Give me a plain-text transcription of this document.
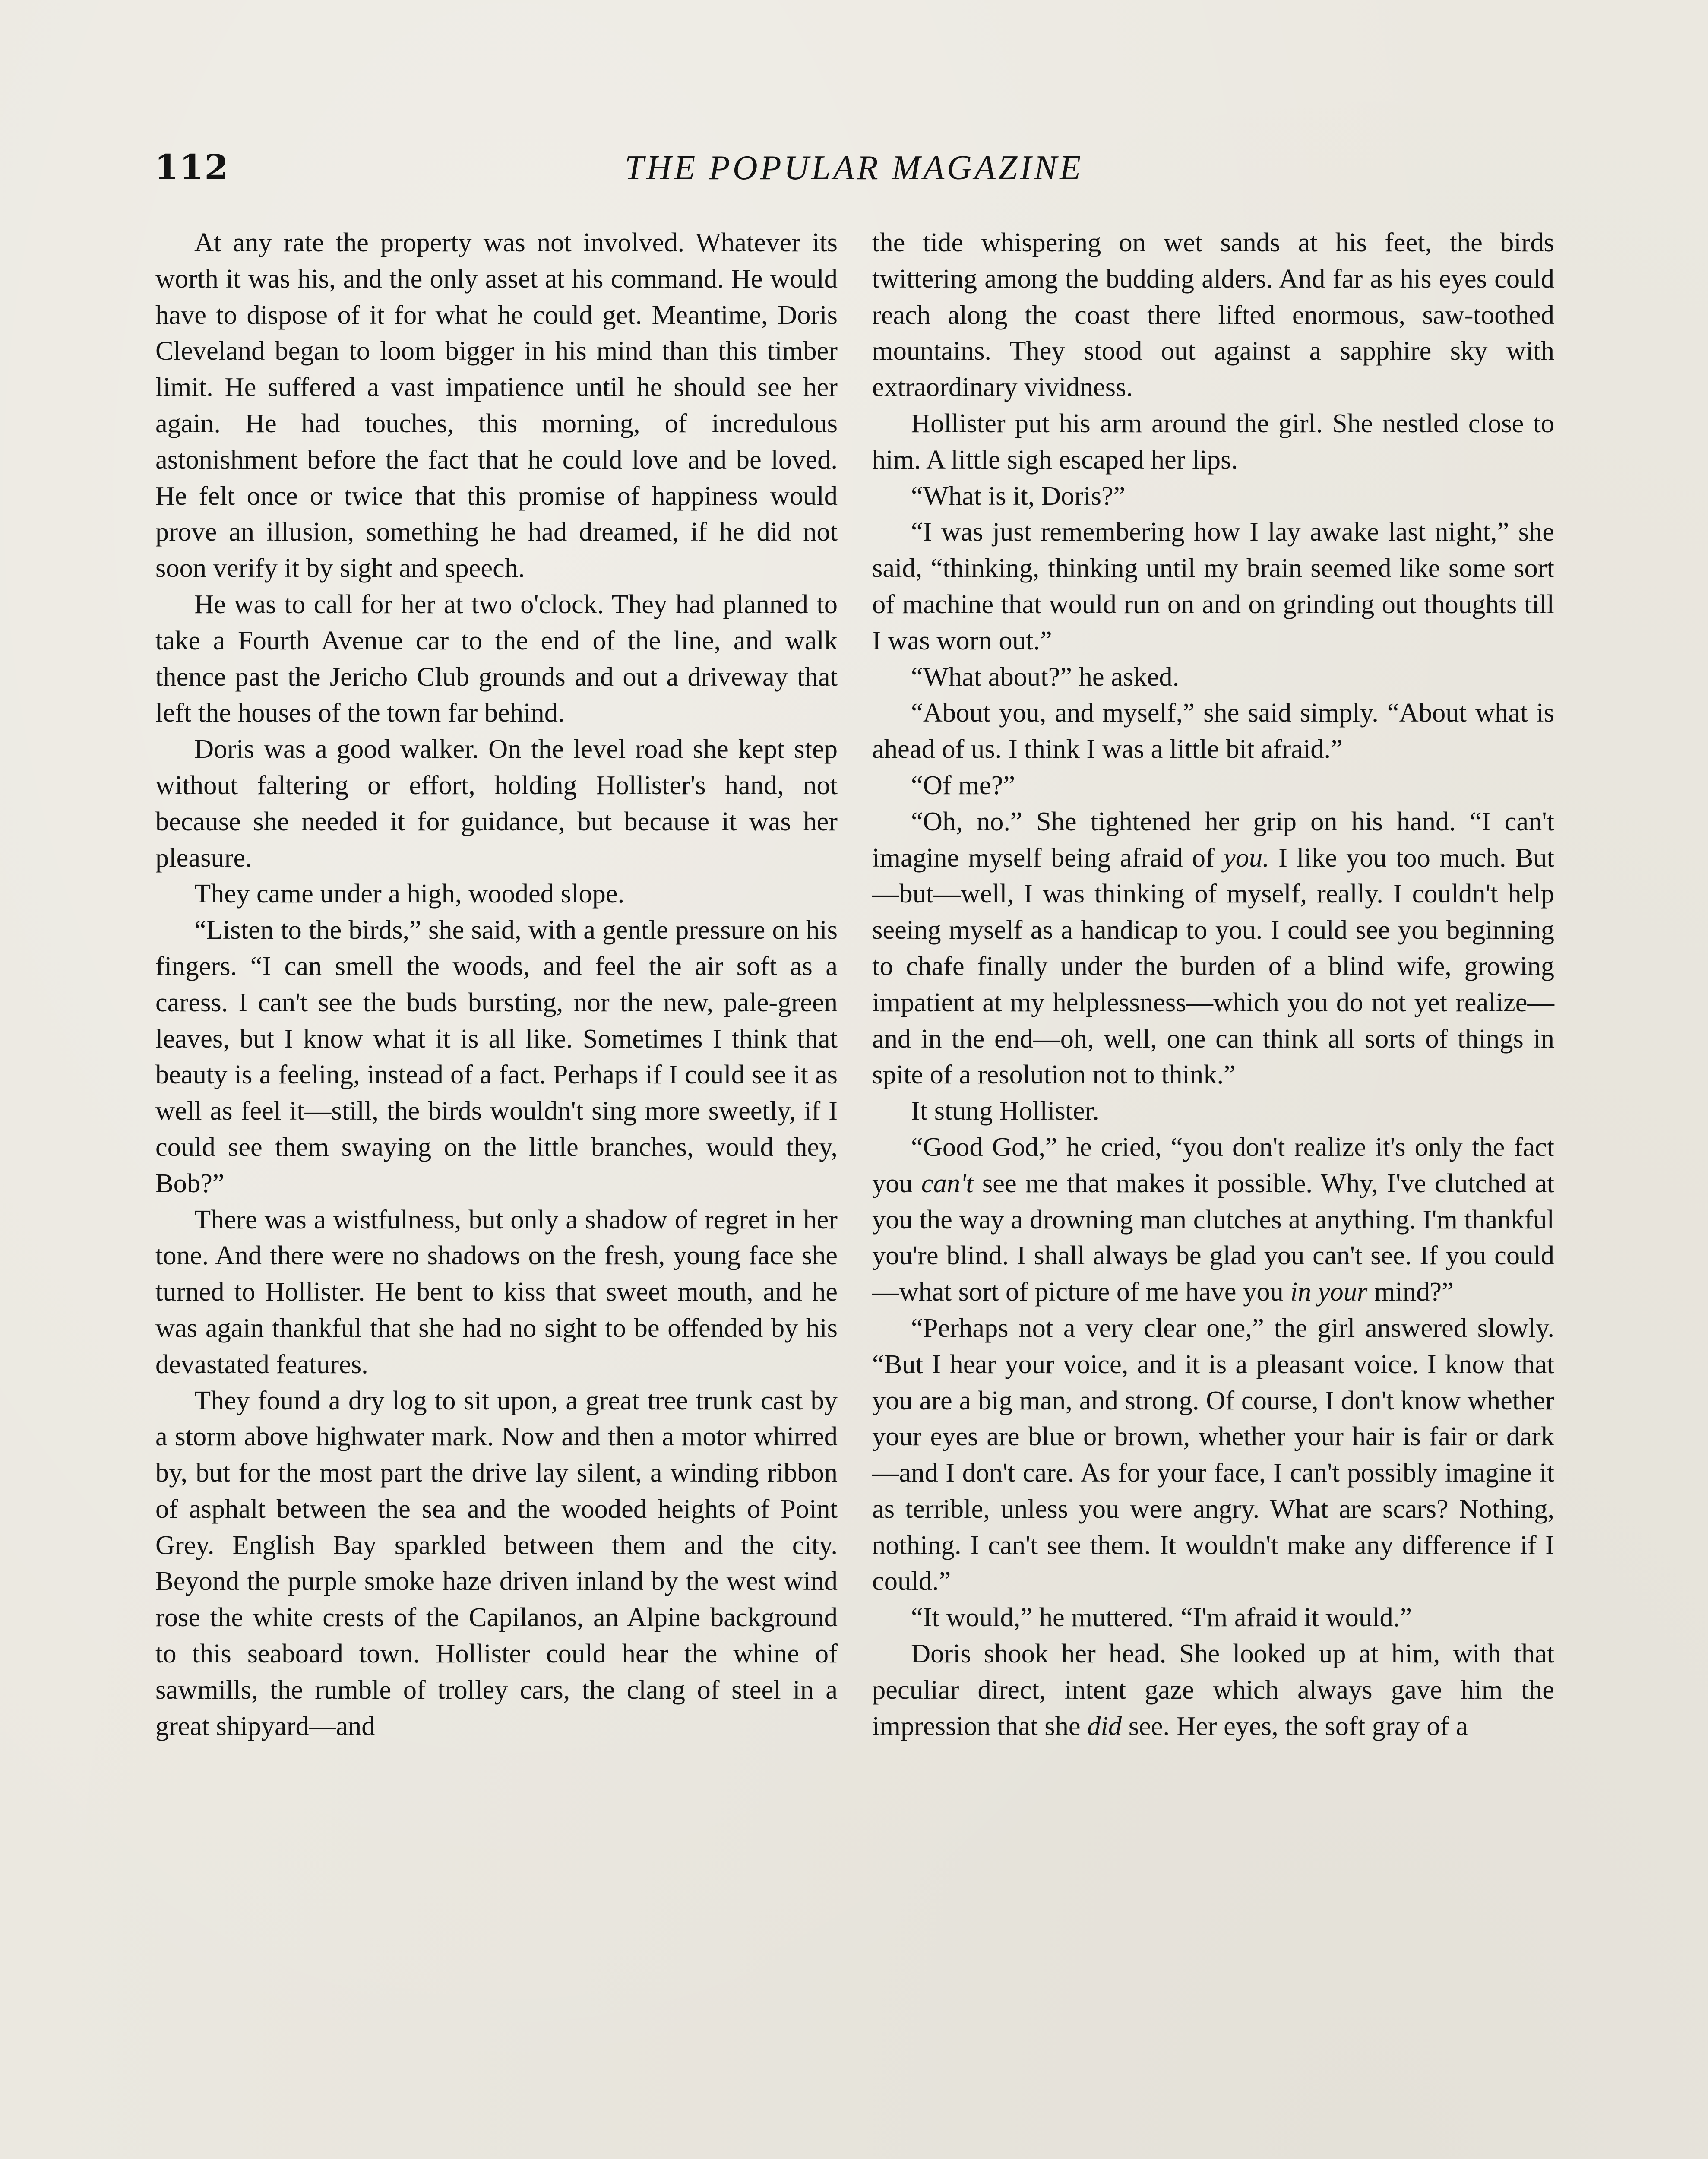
112	THE POPULAR MAGAZINE

At any rate the property was not involved. Whatever its worth it was his, and the only asset at his command. He would have to dispose of it for what he could get. Meantime, Doris Cleveland began to loom bigger in his mind than this timber limit. He suffered a vast impatience until he should see her again. He had touches, this morning, of incredulous astonishment before the fact that he could love and be loved. He felt once or twice that this promise of happiness would prove an illusion, something he had dreamed, if he did not soon verify it by sight and speech.

He was to call for her at two o'clock. They had planned to take a Fourth Avenue car to the end of the line, and walk thence past the Jericho Club grounds and out a driveway that left the houses of the town far behind.

Doris was a good walker. On the level road she kept step without faltering or effort, holding Hollister's hand, not because she needed it for guidance, but because it was her pleasure.

They came under a high, wooded slope.

“Listen to the birds,” she said, with a gentle pressure on his fingers. “I can smell the woods, and feel the air soft as a caress. I can't see the buds bursting, nor the new, pale-green leaves, but I know what it is all like. Sometimes I think that beauty is a feeling, instead of a fact. Perhaps if I could see it as well as feel it—still, the birds wouldn't sing more sweetly, if I could see them swaying on the little branches, would they, Bob?”

There was a wistfulness, but only a shadow of regret in her tone. And there were no shadows on the fresh, young face she turned to Hollister. He bent to kiss that sweet mouth, and he was again thankful that she had no sight to be offended by his devastated features.

They found a dry log to sit upon, a great tree trunk cast by a storm above highwater mark. Now and then a motor whirred by, but for the most part the drive lay silent, a winding ribbon of asphalt between the sea and the wooded heights of Point Grey. English Bay sparkled between them and the city. Beyond the purple smoke haze driven inland by the west wind rose the white crests of the Capilanos, an Alpine background to this seaboard town. Hollister could hear the whine of sawmills, the rumble of trolley cars, the clang of steel in a great shipyard—and

the tide whispering on wet sands at his feet, the birds twittering among the budding alders. And far as his eyes could reach along the coast there lifted enormous, saw-toothed mountains. They stood out against a sapphire sky with extraordinary vividness.

Hollister put his arm around the girl. She nestled close to him. A little sigh escaped her lips.

“What is it, Doris?”

“I was just remembering how I lay awake last night,” she said, “thinking, thinking until my brain seemed like some sort of machine that would run on and on grinding out thoughts till I was worn out.”

“What about?” he asked.

“About you, and myself,” she said simply. “About what is ahead of us. I think I was a little bit afraid.”

“Of me?”

“Oh, no.” She tightened her grip on his hand. “I can't imagine myself being afraid of you. I like you too much. But—but—well, I was thinking of myself, really. I couldn't help seeing myself as a handicap to you. I could see you beginning to chafe finally under the burden of a blind wife, growing impatient at my helplessness—which you do not yet realize—and in the end—oh, well, one can think all sorts of things in spite of a resolution not to think.”

It stung Hollister.

“Good God,” he cried, “you don't realize it's only the fact you can't see me that makes it possible. Why, I've clutched at you the way a drowning man clutches at anything. I'm thankful you're blind. I shall always be glad you can't see. If you could—what sort of picture of me have you in your mind?”

“Perhaps not a very clear one,” the girl answered slowly. “But I hear your voice, and it is a pleasant voice. I know that you are a big man, and strong. Of course, I don't know whether your eyes are blue or brown, whether your hair is fair or dark—and I don't care. As for your face, I can't possibly imagine it as terrible, unless you were angry. What are scars? Nothing, nothing. I can't see them. It wouldn't make any difference if I could.”

“It would,” he muttered. “I'm afraid it would.”

Doris shook her head. She looked up at him, with that peculiar direct, intent gaze which always gave him the impression that she did see. Her eyes, the soft gray of a
